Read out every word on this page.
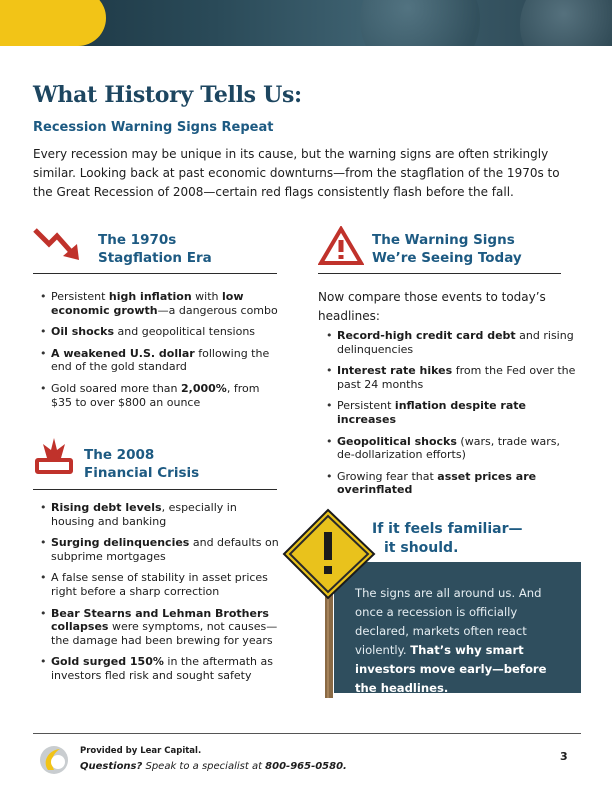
What History Tells Us:
Recession Warning Signs Repeat
Every recession may be unique in its cause, but the warning signs are often strikingly similar. Looking back at past economic downturns—from the stagflation of the 1970s to the Great Recession of 2008—certain red flags consistently flash before the fall.
The 1970s
Stagflation Era
• Persistent high inflation with low economic growth—a dangerous combo
• Oil shocks and geopolitical tensions
• A weakened U.S. dollar following the end of the gold standard
• Gold soared more than 2,000%, from $35 to over $800 an ounce
The 2008
Financial Crisis
• Rising debt levels, especially in housing and banking
• Surging delinquencies and defaults on subprime mortgages
• A false sense of stability in asset prices right before a sharp correction
• Bear Stearns and Lehman Brothers collapses were symptoms, not causes—the damage had been brewing for years
• Gold surged 150% in the aftermath as investors fled risk and sought safety
The Warning Signs
We’re Seeing Today
Now compare those events to today’s headlines:
• Record-high credit card debt and rising delinquencies
• Interest rate hikes from the Fed over the past 24 months
• Persistent inflation despite rate increases
• Geopolitical shocks (wars, trade wars, de-dollarization efforts)
• Growing fear that asset prices are overinflated
The signs are all around us. And once a recession is officially declared, markets often react violently. That’s why smart investors move early—before the headlines.
If it feels familiar—
it should.
Provided by Lear Capital.
Questions? Speak to a specialist at 800-965-0580.
3
